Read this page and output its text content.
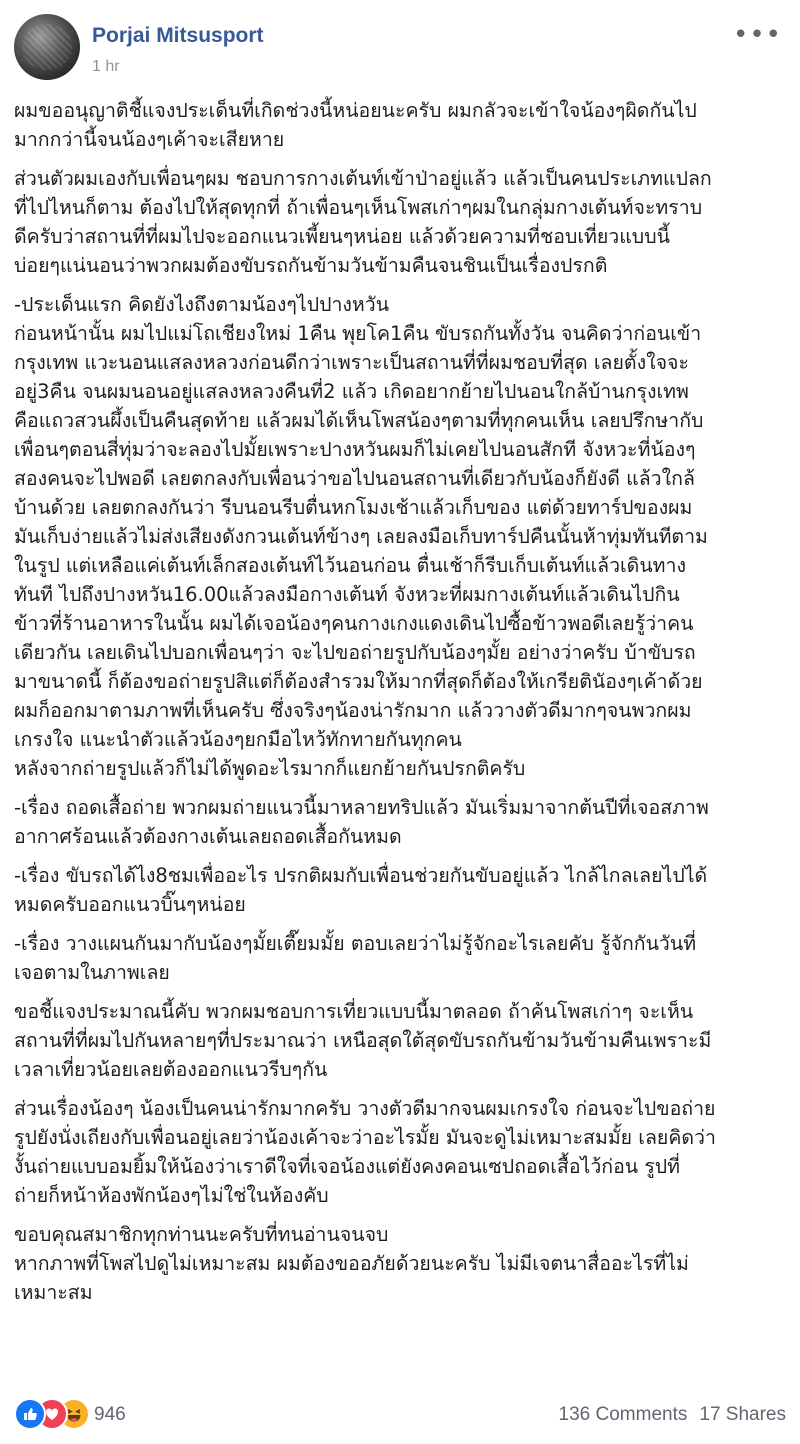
Porjai Mitsusport
1 hr
•••
ผมขออนุญาติชี้แจงประเด็นที่เกิดช่วงนี้หน่อยนะครับ ผมกลัวจะเข้าใจน้องๆผิดกันไป
มากกว่านี้จนน้องๆเค้าจะเสียหาย
ส่วนตัวผมเองกับเพื่อนๆผม ชอบการกางเต้นท์เข้าป่าอยู่แล้ว แล้วเป็นคนประเภทแปลก
ที่ไปไหนก็ตาม ต้องไปให้สุดทุกที่ ถ้าเพื่อนๆเห็นโพสเก่าๆผมในกลุ่มกางเต้นท์จะทราบ
ดีครับว่าสถานที่ที่ผมไปจะออกแนวเพี้ยนๆหน่อย แล้วด้วยความที่ชอบเที่ยวแบบนี้
บ่อยๆแน่นอนว่าพวกผมต้องขับรถกันข้ามวันข้ามคืนจนชินเป็นเรื่องปรกติ
-ประเด็นแรก คิดยังไงถึงตามน้องๆไปปางหวัน
ก่อนหน้านั้น ผมไปแม่โถเชียงใหม่ 1คืน พุยโค1คืน ขับรถกันทั้งวัน จนคิดว่าก่อนเข้า
กรุงเทพ แวะนอนแสลงหลวงก่อนดีกว่าเพราะเป็นสถานที่ที่ผมชอบที่สุด เลยตั้งใจจะ
อยู่3คืน จนผมนอนอยู่แสลงหลวงคืนที่2 แล้ว เกิดอยากย้ายไปนอนใกล้บ้านกรุงเทพ
คือแถวสวนผึ้งเป็นคืนสุดท้าย แล้วผมได้เห็นโพสน้องๆตามที่ทุกคนเห็น เลยปรึกษากับ
เพื่อนๆตอนสี่ทุ่มว่าจะลองไปมั้ยเพราะปางหวันผมก็ไม่เคยไปนอนสักที จังหวะที่น้องๆ
สองคนจะไปพอดี เลยตกลงกับเพื่อนว่าขอไปนอนสถานที่เดียวกับน้องก็ยังดี แล้วใกล้
บ้านด้วย เลยตกลงกันว่า รีบนอนรีบตื่นหกโมงเช้าแล้วเก็บของ แต่ด้วยทาร์ปของผม
มันเก็บง่ายแล้วไม่ส่งเสียงดังกวนเต้นท์ข้างๆ เลยลงมือเก็บทาร์ปคืนนั้นห้าทุ่มทันทีตาม
ในรูป แต่เหลือแค่เต้นท์เล็กสองเต้นท์ไว้นอนก่อน ตื่นเช้าก็รีบเก็บเต้นท์แล้วเดินทาง
ทันที ไปถึงปางหวัน16.00แล้วลงมือกางเต้นท์ จังหวะที่ผมกางเต้นท์แล้วเดินไปกิน
ข้าวที่ร้านอาหารในนั้น ผมได้เจอน้องๆคนกางเกงแดงเดินไปซื้อข้าวพอดีเลยรู้ว่าคน
เดียวกัน เลยเดินไปบอกเพื่อนๆว่า จะไปขอถ่ายรูปกับน้องๆมั้ย อย่างว่าครับ บ้าขับรถ
มาขนาดนี้ ก็ต้องขอถ่ายรูปสิแต่ก็ต้องสำรวมให้มากที่สุดก็ต้องให้เกรียตินัองๆเค้าด้วย
ผมก็ออกมาตามภาพที่เห็นครับ ซึ่งจริงๆน้องน่ารักมาก แล้ววางตัวดีมากๆจนพวกผม
เกรงใจ แนะนำตัวแล้วน้องๆยกมือไหว้ทักทายกันทุกคน
หลังจากถ่ายรูปแล้วก็ไม่ได้พูดอะไรมากก็แยกย้ายกันปรกติครับ
-เรื่อง ถอดเสื้อถ่าย พวกผมถ่ายแนวนี้มาหลายทริปแล้ว มันเริ่มมาจากต้นปีที่เจอสภาพ
อากาศร้อนแล้วต้องกางเต้นเลยถอดเสื้อกันหมด
-เรื่อง ขับรถได้ไง8ชมเพื่ออะไร ปรกติผมกับเพื่อนช่วยกันขับอยู่แล้ว ไกล้ไกลเลยไปได้
หมดครับออกแนวบิ๊นๆหน่อย
-เรื่อง วางแผนกันมากับน้องๆมั้ยเตี๊ยมมั้ย ตอบเลยว่าไม่รู้จักอะไรเลยคับ รู้จักกันวันที่
เจอตามในภาพเลย
ขอชี้แจงประมาณนี้คับ พวกผมชอบการเที่ยวแบบนี้มาตลอด ถ้าค้นโพสเก่าๆ จะเห็น
สถานที่ที่ผมไปกันหลายๆที่ประมาณว่า เหนือสุดใต้สุดขับรถกันข้ามวันข้ามคืนเพราะมี
เวลาเที่ยวน้อยเลยต้องออกแนวรีบๆกัน
ส่วนเรื่องน้องๆ น้องเป็นคนน่ารักมากครับ วางตัวดีมากจนผมเกรงใจ ก่อนจะไปขอถ่าย
รูปยังนั่งเถียงกับเพื่อนอยู่เลยว่าน้องเค้าจะว่าอะไรมั้ย มันจะดูไม่เหมาะสมมั้ย เลยคิดว่า
งั้นถ่ายแบบอมยิ้มให้น้องว่าเราดีใจที่เจอน้องแต่ยังคงคอนเซปถอดเสื้อไว้ก่อน รูปที่
ถ่ายก็หน้าห้องพักน้องๆไม่ใช่ในห้องคับ
ขอบคุณสมาชิกทุกท่านนะครับที่ทนอ่านจนจบ
หากภาพที่โพสไปดูไม่เหมาะสม ผมต้องขออภัยด้วยนะครับ ไม่มีเจตนาสื่ออะไรที่ไม่
เหมาะสม
946	136 Comments 17 Shares
